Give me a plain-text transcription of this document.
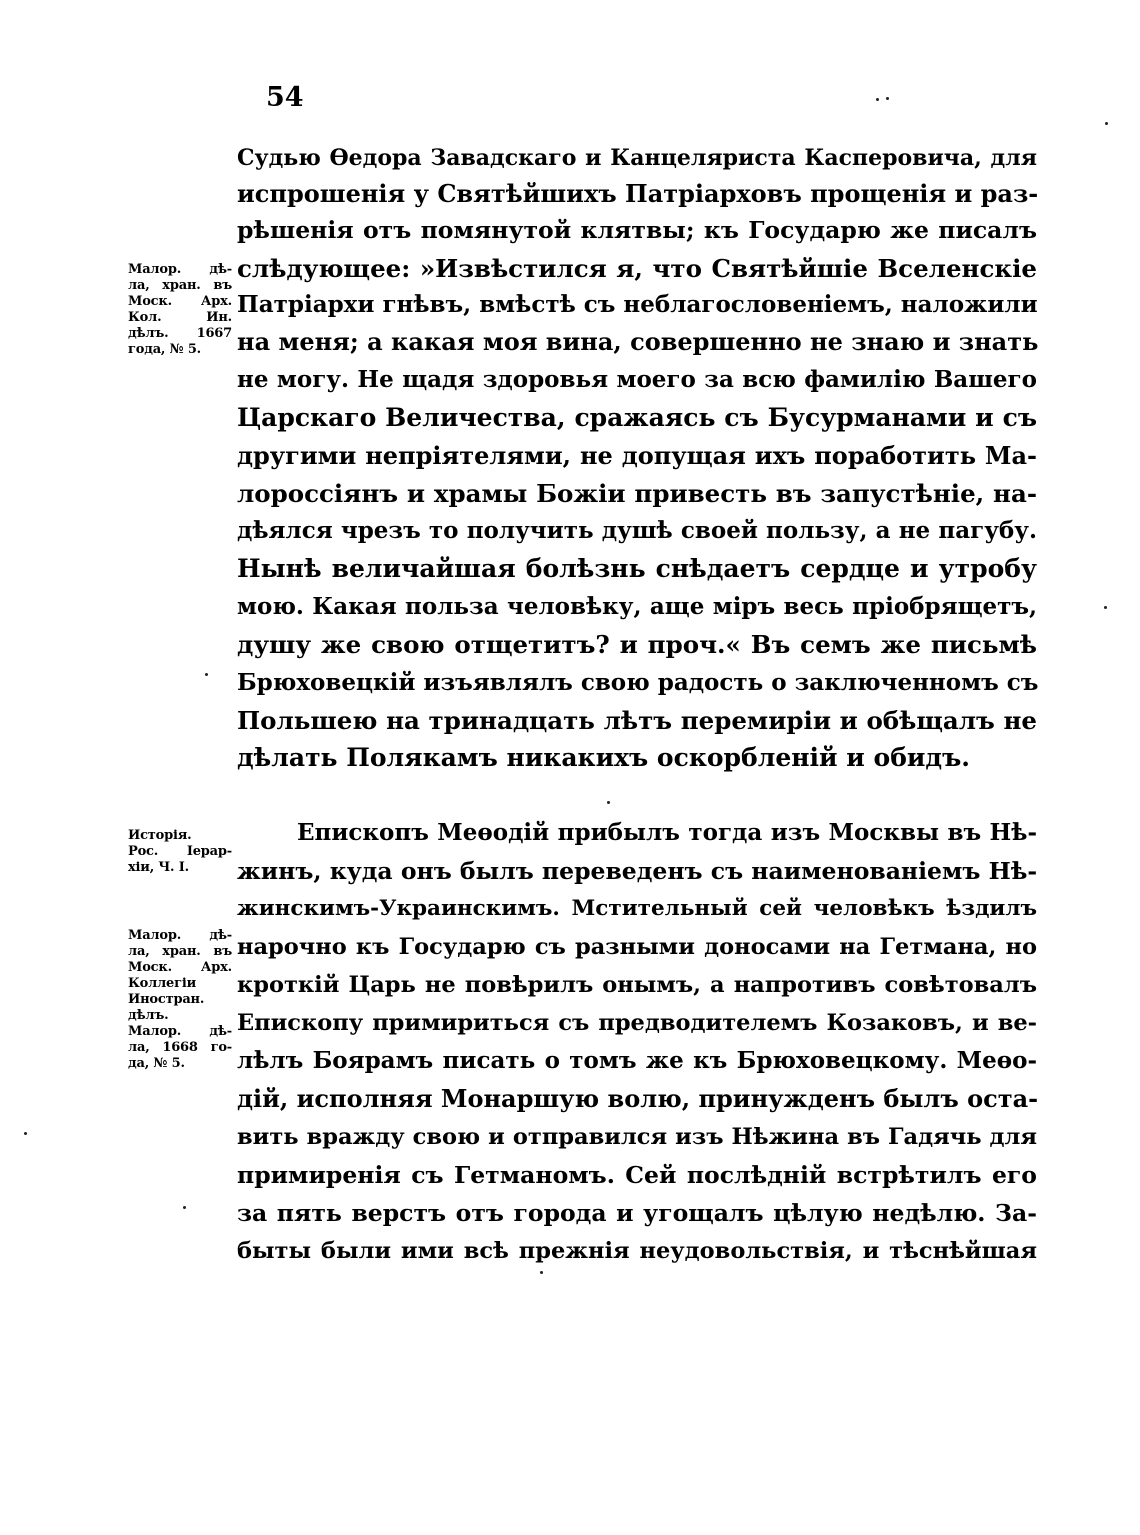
54

Судью Өедора Завадскаго и Канцеляриста Касперовича, для

испрошенія у Святѣйшихъ Патріарховъ прощенія и раз-

рѣшенія отъ помянутой клятвы; къ Государю же писалъ

слѣдующее: »Извѣстился я, что Святѣйшіе Вселенскіе

Патріархи гнѣвъ, вмѣстѣ съ неблагословеніемъ, наложили

на меня; а какая моя вина, совершенно не знаю и знать

не могу. Не щадя здоровья моего за всю фамилію Вашего

Царскаго Величества, сражаясь съ Бусурманами и съ

другими непріятелями, не допущая ихъ поработить Ма-

лороссіянъ и храмы Божіи привесть въ запустѣніе, на-

дѣялся чрезъ то получить душѣ своей пользу, а не пагубу.

Нынѣ величайшая болѣзнь снѣдаетъ сердце и утробу

мою. Какая польза человѣку, аще міръ весь пріобрящетъ,

душу же свою отщетитъ? и проч.« Въ семъ же письмѣ

Брюховецкій изъявлялъ свою радость о заключенномъ съ

Польшею на тринадцать лѣтъ перемиріи и обѣщалъ не

дѣлать Полякамъ никакихъ оскорбленій и обидъ.

Епископъ Меөодій прибылъ тогда изъ Москвы въ Нѣ-

жинъ, куда онъ былъ переведенъ съ наименованіемъ Нѣ-

жинскимъ-Украинскимъ. Мстительный сей человѣкъ ѣздилъ

нарочно къ Государю съ разными доносами на Гетмана, но

кроткій Царь не повѣрилъ онымъ, а напротивъ совѣтовалъ

Епископу примириться съ предводителемъ Козаковъ, и ве-

лѣлъ Боярамъ писать о томъ же къ Брюховецкому. Меөо-

дій, исполняя Монаршую волю, принужденъ былъ оста-

вить вражду свою и отправился изъ Нѣжина въ Гадячь для

примиренія съ Гетманомъ. Сей послѣдній встрѣтилъ его

за пять верстъ отъ города и угощалъ цѣлую недѣлю. За-

быты были ими всѣ прежнія неудовольствія, и тѣснѣйшая

Малор. дѣ-
ла, хран. въ
Моск. Арх.
Кол. Ин.
дѣлъ. 1667
года, № 5.
Исторія.
Рос. Іерар-
хіи, Ч. I.
Малор. дѣ-
ла, хран. въ
Моск. Арх.
Коллегіи
Иностран.
дѣлъ.
Малор. дѣ-
ла, 1668 го-
да, № 5.
